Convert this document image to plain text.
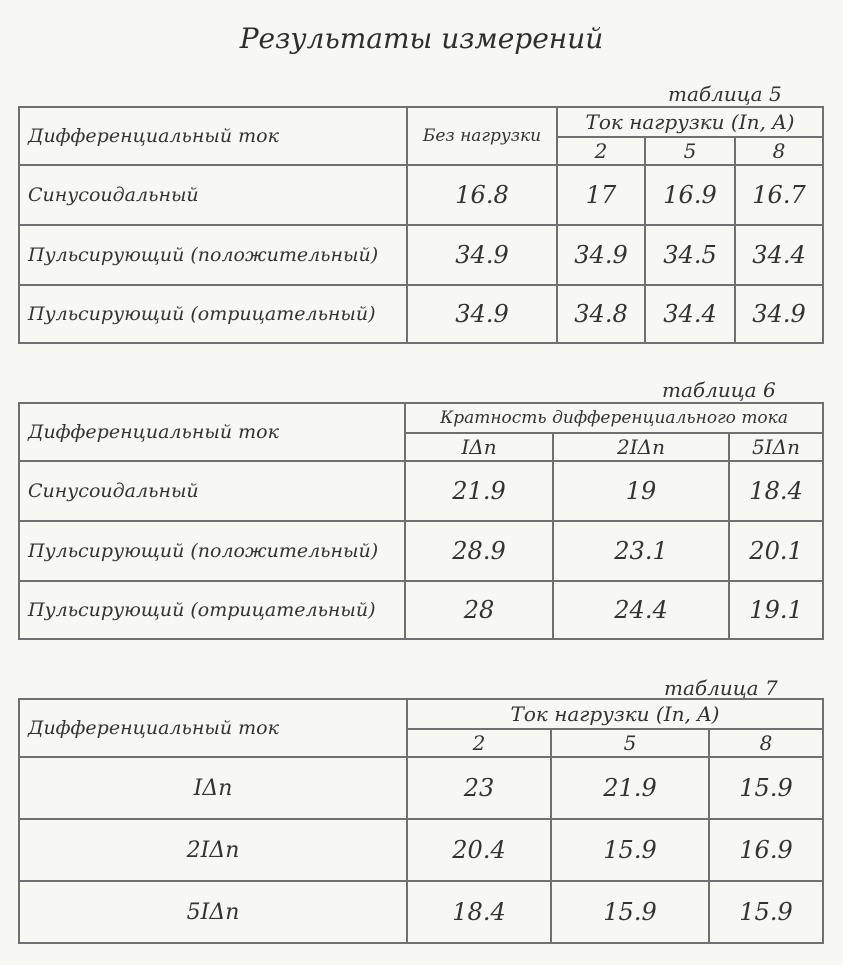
Результаты измерений
таблица 5
Дифференциальный ток	Без нагрузки	Ток нагрузки (In, A)		
		2	5	8
Синусоидальный	16.8	17	16.9	16.7
Пульсирующий (положительный)	34.9	34.9	34.5	34.4
Пульсирующий (отрицательный)	34.9	34.8	34.4	34.9
таблица 6
Дифференциальный ток	Кратность дифференциального тока		
	IΔn	2IΔn	5IΔn
Синусоидальный	21.9	19	18.4
Пульсирующий (положительный)	28.9	23.1	20.1
Пульсирующий (отрицательный)	28	24.4	19.1
таблица 7
Дифференциальный ток	Ток нагрузки (In, A)		
	2	5	8
IΔn	23	21.9	15.9
2IΔn	20.4	15.9	16.9
5IΔn	18.4	15.9	15.9
